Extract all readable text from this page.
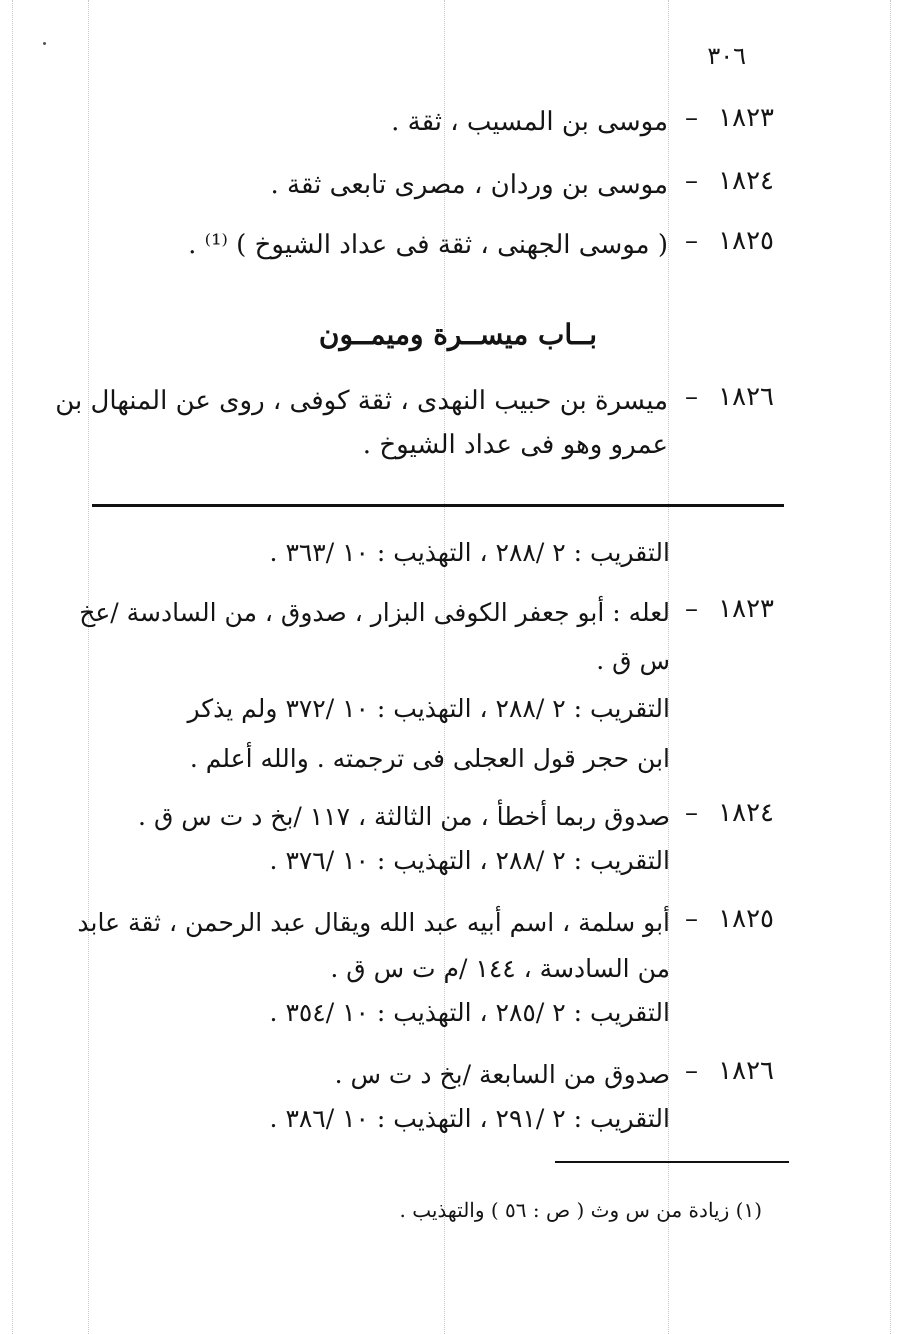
٣٠٦
١٨٢٣
–
موسى بن المسيب ، ثقة .
١٨٢٤
–
موسى بن وردان ، مصرى تابعى ثقة .
١٨٢٥
–
( موسى الجهنى ، ثقة فى عداد الشيوخ ) ⁽¹⁾ .
بــاب ميســرة وميمــون
١٨٢٦
–
ميسرة بن حبيب النهدى ، ثقة كوفى ، روى عن المنهال بن
عمرو وهو فى عداد الشيوخ .
التقريب : ٢ /٢٨٨ ، التهذيب : ١٠ /٣٦٣ .
١٨٢٣
–
لعله : أبو جعفر الكوفى البزار ، صدوق ، من السادسة /عخ
س ق .
التقريب : ٢ /٢٨٨ ، التهذيب : ١٠ /٣٧٢ ولم يذكر
ابن حجر قول العجلى فى ترجمته . والله أعلم .
١٨٢٤
–
صدوق ربما أخطأ ، من الثالثة ، ١١٧ /بخ د ت س ق .
التقريب : ٢ /٢٨٨ ، التهذيب : ١٠ /٣٧٦ .
١٨٢٥
–
أبو سلمة ، اسم أبيه عبد الله ويقال عبد الرحمن ، ثقة عابد
من السادسة ، ١٤٤ /م ت س ق .
التقريب : ٢ /٢٨٥ ، التهذيب : ١٠ /٣٥٤ .
١٨٢٦
–
صدوق من السابعة /بخ د ت س .
التقريب : ٢ /٢٩١ ، التهذيب : ١٠ /٣٨٦ .
(١) زيادة من س وث ( ص : ٥٦ ) والتهذيب .
